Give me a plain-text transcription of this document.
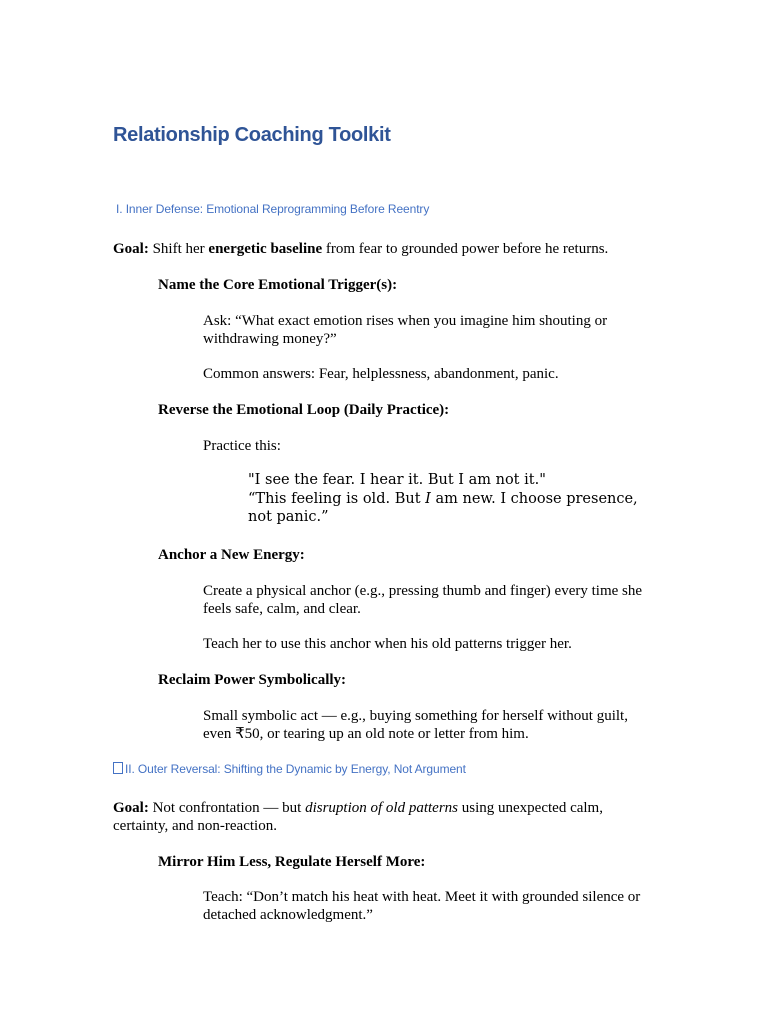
Relationship Coaching Toolkit
I. Inner Defense: Emotional Reprogramming Before Reentry
Goal: Shift her energetic baseline from fear to grounded power before he returns.
Name the Core Emotional Trigger(s):
Ask: “What exact emotion rises when you imagine him shouting or withdrawing money?”
Common answers: Fear, helplessness, abandonment, panic.
Reverse the Emotional Loop (Daily Practice):
Practice this:
"I see the fear. I hear it. But I am not it."
“This feeling is old. But I am new. I choose presence, not panic.”
Anchor a New Energy:
Create a physical anchor (e.g., pressing thumb and finger) every time she feels safe, calm, and clear.
Teach her to use this anchor when his old patterns trigger her.
Reclaim Power Symbolically:
Small symbolic act — e.g., buying something for herself without guilt, even ₹50, or tearing up an old note or letter from him.
II. Outer Reversal: Shifting the Dynamic by Energy, Not Argument
Goal: Not confrontation — but disruption of old patterns using unexpected calm, certainty, and non-reaction.
Mirror Him Less, Regulate Herself More:
Teach: “Don’t match his heat with heat. Meet it with grounded silence or detached acknowledgment.”
